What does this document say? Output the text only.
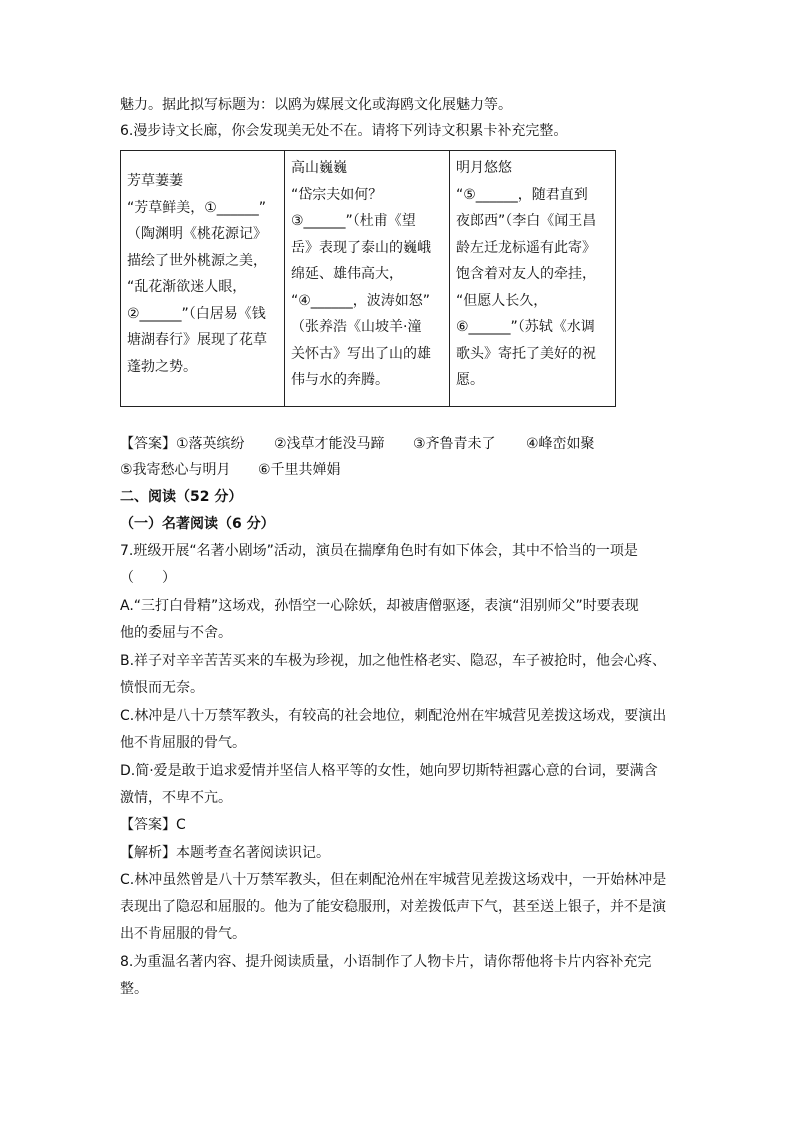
魅力。据此拟写标题为：以鸥为媒展文化或海鸥文化展魅力等。
6.漫步诗文长廊，你会发现美无处不在。请将下列诗文积累卡补充完整。
芳草萋萋
“芳草鲜美，①______”
（陶渊明《桃花源记》
描绘了世外桃源之美，
“乱花渐欲迷人眼，
②______”（白居易《钱
塘湖春行》展现了花草
蓬勃之势。

高山巍巍
“岱宗夫如何？
③______”（杜甫《望
岳》表现了泰山的巍峨
绵延、雄伟高大，
“④______，波涛如怒”
（张养浩《山坡羊·潼
关怀古》写出了山的雄
伟与水的奔腾。

明月悠悠
“⑤______，随君直到
夜郎西”（李白《闻王昌
龄左迁龙标遥有此寄》
饱含着对友人的牵挂，
“但愿人长久，
⑥______”（苏轼《水调
歌头》寄托了美好的祝
愿。
【答案】 ①落英缤纷 ②浅草才能没马蹄 ③齐鲁青未了 ④峰峦如聚
⑤我寄愁心与明月 ⑥千里共婵娟
二、阅读（52 分）
（一）名著阅读（6 分）
7.班级开展“名著小剧场”活动，演员在揣摩角色时有如下体会，其中不恰当的一项是
（　　）
A.“三打白骨精”这场戏，孙悟空一心除妖，却被唐僧驱逐，表演“泪别师父”时要表现
他的委屈与不舍。
B.祥子对辛辛苦苦买来的车极为珍视，加之他性格老实、隐忍，车子被抢时，他会心疼、
愤恨而无奈。
C.林冲是八十万禁军教头，有较高的社会地位，刺配沧州在牢城营见差拨这场戏，要演出
他不肯屈服的骨气。
D.简·爱是敢于追求爱情并坚信人格平等的女性，她向罗切斯特袒露心意的台词，要满含
激情，不卑不亢。
【答案】C
【解析】本题考查名著阅读识记。
C.林冲虽然曾是八十万禁军教头，但在刺配沧州在牢城营见差拨这场戏中，一开始林冲是
表现出了隐忍和屈服的。他为了能安稳服刑，对差拨低声下气，甚至送上银子，并不是演
出不肯屈服的骨气。
8.为重温名著内容、提升阅读质量，小语制作了人物卡片，请你帮他将卡片内容补充完
整。
